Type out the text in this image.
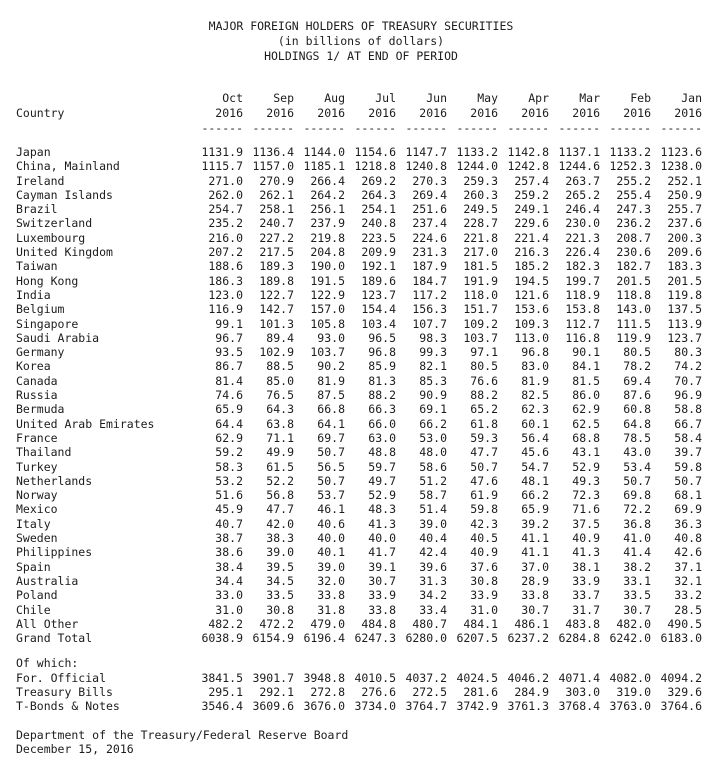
MAJOR FOREIGN HOLDERS OF TREASURY SECURITIES
(in billions of dollars)
HOLDINGS 1/ AT END OF PERIOD
	Oct	Sep	Aug	Jul	Jun	May	Apr	Mar	Feb	Jan
Country	2016	2016	2016	2016	2016	2016	2016	2016	2016	2016
	------	------	------	------	------	------	------	------	------	------
Japan	1131.9	1136.4	1144.0	1154.6	1147.7	1133.2	1142.8	1137.1	1133.2	1123.6
China, Mainland	1115.7	1157.0	1185.1	1218.8	1240.8	1244.0	1242.8	1244.6	1252.3	1238.0
Ireland	271.0	270.9	266.4	269.2	270.3	259.3	257.4	263.7	255.2	252.1
Cayman Islands	262.0	262.1	264.2	264.3	269.4	260.3	259.2	265.2	255.4	250.9
Brazil	254.7	258.1	256.1	254.1	251.6	249.5	249.1	246.4	247.3	255.7
Switzerland	235.2	240.7	237.9	240.8	237.4	228.7	229.6	230.0	236.2	237.6
Luxembourg	216.0	227.2	219.8	223.5	224.6	221.8	221.4	221.3	208.7	200.3
United Kingdom	207.2	217.5	204.8	209.9	231.3	217.0	216.3	226.4	230.6	209.6
Taiwan	188.6	189.3	190.0	192.1	187.9	181.5	185.2	182.3	182.7	183.3
Hong Kong	186.3	189.8	191.5	189.6	184.7	191.9	194.5	199.7	201.5	201.5
India	123.0	122.7	122.9	123.7	117.2	118.0	121.6	118.9	118.8	119.8
Belgium	116.9	142.7	157.0	154.4	156.3	151.7	153.6	153.8	143.0	137.5
Singapore	99.1	101.3	105.8	103.4	107.7	109.2	109.3	112.7	111.5	113.9
Saudi Arabia	96.7	89.4	93.0	96.5	98.3	103.7	113.0	116.8	119.9	123.7
Germany	93.5	102.9	103.7	96.8	99.3	97.1	96.8	90.1	80.5	80.3
Korea	86.7	88.5	90.2	85.9	82.1	80.5	83.0	84.1	78.2	74.2
Canada	81.4	85.0	81.9	81.3	85.3	76.6	81.9	81.5	69.4	70.7
Russia	74.6	76.5	87.5	88.2	90.9	88.2	82.5	86.0	87.6	96.9
Bermuda	65.9	64.3	66.8	66.3	69.1	65.2	62.3	62.9	60.8	58.8
United Arab Emirates	64.4	63.8	64.1	66.0	66.2	61.8	60.1	62.5	64.8	66.7
France	62.9	71.1	69.7	63.0	53.0	59.3	56.4	68.8	78.5	58.4
Thailand	59.2	49.9	50.7	48.8	48.0	47.7	45.6	43.1	43.0	39.7
Turkey	58.3	61.5	56.5	59.7	58.6	50.7	54.7	52.9	53.4	59.8
Netherlands	53.2	52.2	50.7	49.7	51.2	47.6	48.1	49.3	50.7	50.7
Norway	51.6	56.8	53.7	52.9	58.7	61.9	66.2	72.3	69.8	68.1
Mexico	45.9	47.7	46.1	48.3	51.4	59.8	65.9	71.6	72.2	69.9
Italy	40.7	42.0	40.6	41.3	39.0	42.3	39.2	37.5	36.8	36.3
Sweden	38.7	38.3	40.0	40.0	40.4	40.5	41.1	40.9	41.0	40.8
Philippines	38.6	39.0	40.1	41.7	42.4	40.9	41.1	41.3	41.4	42.6
Spain	38.4	39.5	39.0	39.1	39.6	37.6	37.0	38.1	38.2	37.1
Australia	34.4	34.5	32.0	30.7	31.3	30.8	28.9	33.9	33.1	32.1
Poland	33.0	33.5	33.8	33.9	34.2	33.9	33.8	33.7	33.5	33.2
Chile	31.0	30.8	31.8	33.8	33.4	31.0	30.7	31.7	30.7	28.5
All Other	482.2	472.2	479.0	484.8	480.7	484.1	486.1	483.8	482.0	490.5
Grand Total	6038.9	6154.9	6196.4	6247.3	6280.0	6207.5	6237.2	6284.8	6242.0	6183.0
Of which:										
For. Official	3841.5	3901.7	3948.8	4010.5	4037.2	4024.5	4046.2	4071.4	4082.0	4094.2
Treasury Bills	295.1	292.1	272.8	276.6	272.5	281.6	284.9	303.0	319.0	329.6
T-Bonds & Notes	3546.4	3609.6	3676.0	3734.0	3764.7	3742.9	3761.3	3768.4	3763.0	3764.6
Department of the Treasury/Federal Reserve Board
December 15, 2016
